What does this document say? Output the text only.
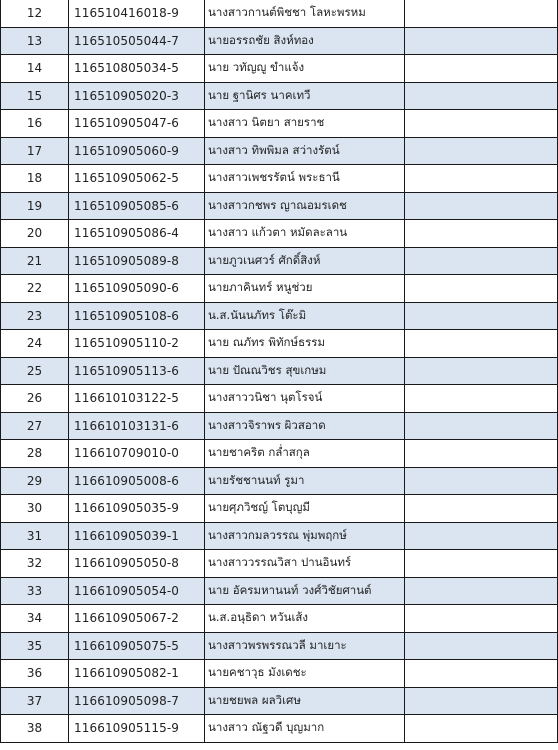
12	116510416018-9	นางสาวกานต์พิชชา โลหะพรหม	
13	116510505044-7	นายอรรถชัย สิงห์ทอง	
14	116510805034-5	นาย วทัญญู ขำแจ้ง	
15	116510905020-3	นาย ฐานิศร นาคเทวี	
16	116510905047-6	นางสาว นิตยา สายราช	
17	116510905060-9	นางสาว ทิพพิมล สว่างรัตน์	
18	116510905062-5	นางสาวเพชรรัตน์ พระธานี	
19	116510905085-6	นางสาวกชพร ญาณอมรเดช	
20	116510905086-4	นางสาว แก้วตา หมัดละลาน	
21	116510905089-8	นายภูวเนศวร์ ศักดิ์สิงห์	
22	116510905090-6	นายภาคินทร์ หนูช่วย	
23	116510905108-6	น.ส.นันนภัทร โต๊ะมิ	
24	116510905110-2	นาย ณภัทร พิทักษ์ธรรม	
25	116510905113-6	นาย ปัณณวิชร สุขเกษม	
26	116610103122-5	นางสาววนิชา นุตโรจน์	
27	116610103131-6	นางสาวจิราพร ผิวสอาด	
28	116610709010-0	นายชาคริต กล่ำสกุล	
29	116610905008-6	นายรัชชานนท์ รูมา	
30	116610905035-9	นายศุภวิชญ์ โตบุญมี	
31	116610905039-1	นางสาวกมลวรรณ พุ่มพฤกษ์	
32	116610905050-8	นางสาววรรณวิสา ปานอินทร์	
33	116610905054-0	นาย อัครมหานนท์ วงศ์วิชัยศานต์	
34	116610905067-2	น.ส.อนุธิดา หวันเส้ง	
35	116610905075-5	นางสาวพรพรรณวลี มาเยาะ	
36	116610905082-1	นายคชาวุธ มังเดชะ	
37	116610905098-7	นายชยพล ผลวิเศษ	
38	116610905115-9	นางสาว ณัฐวดี บุญมาก	
